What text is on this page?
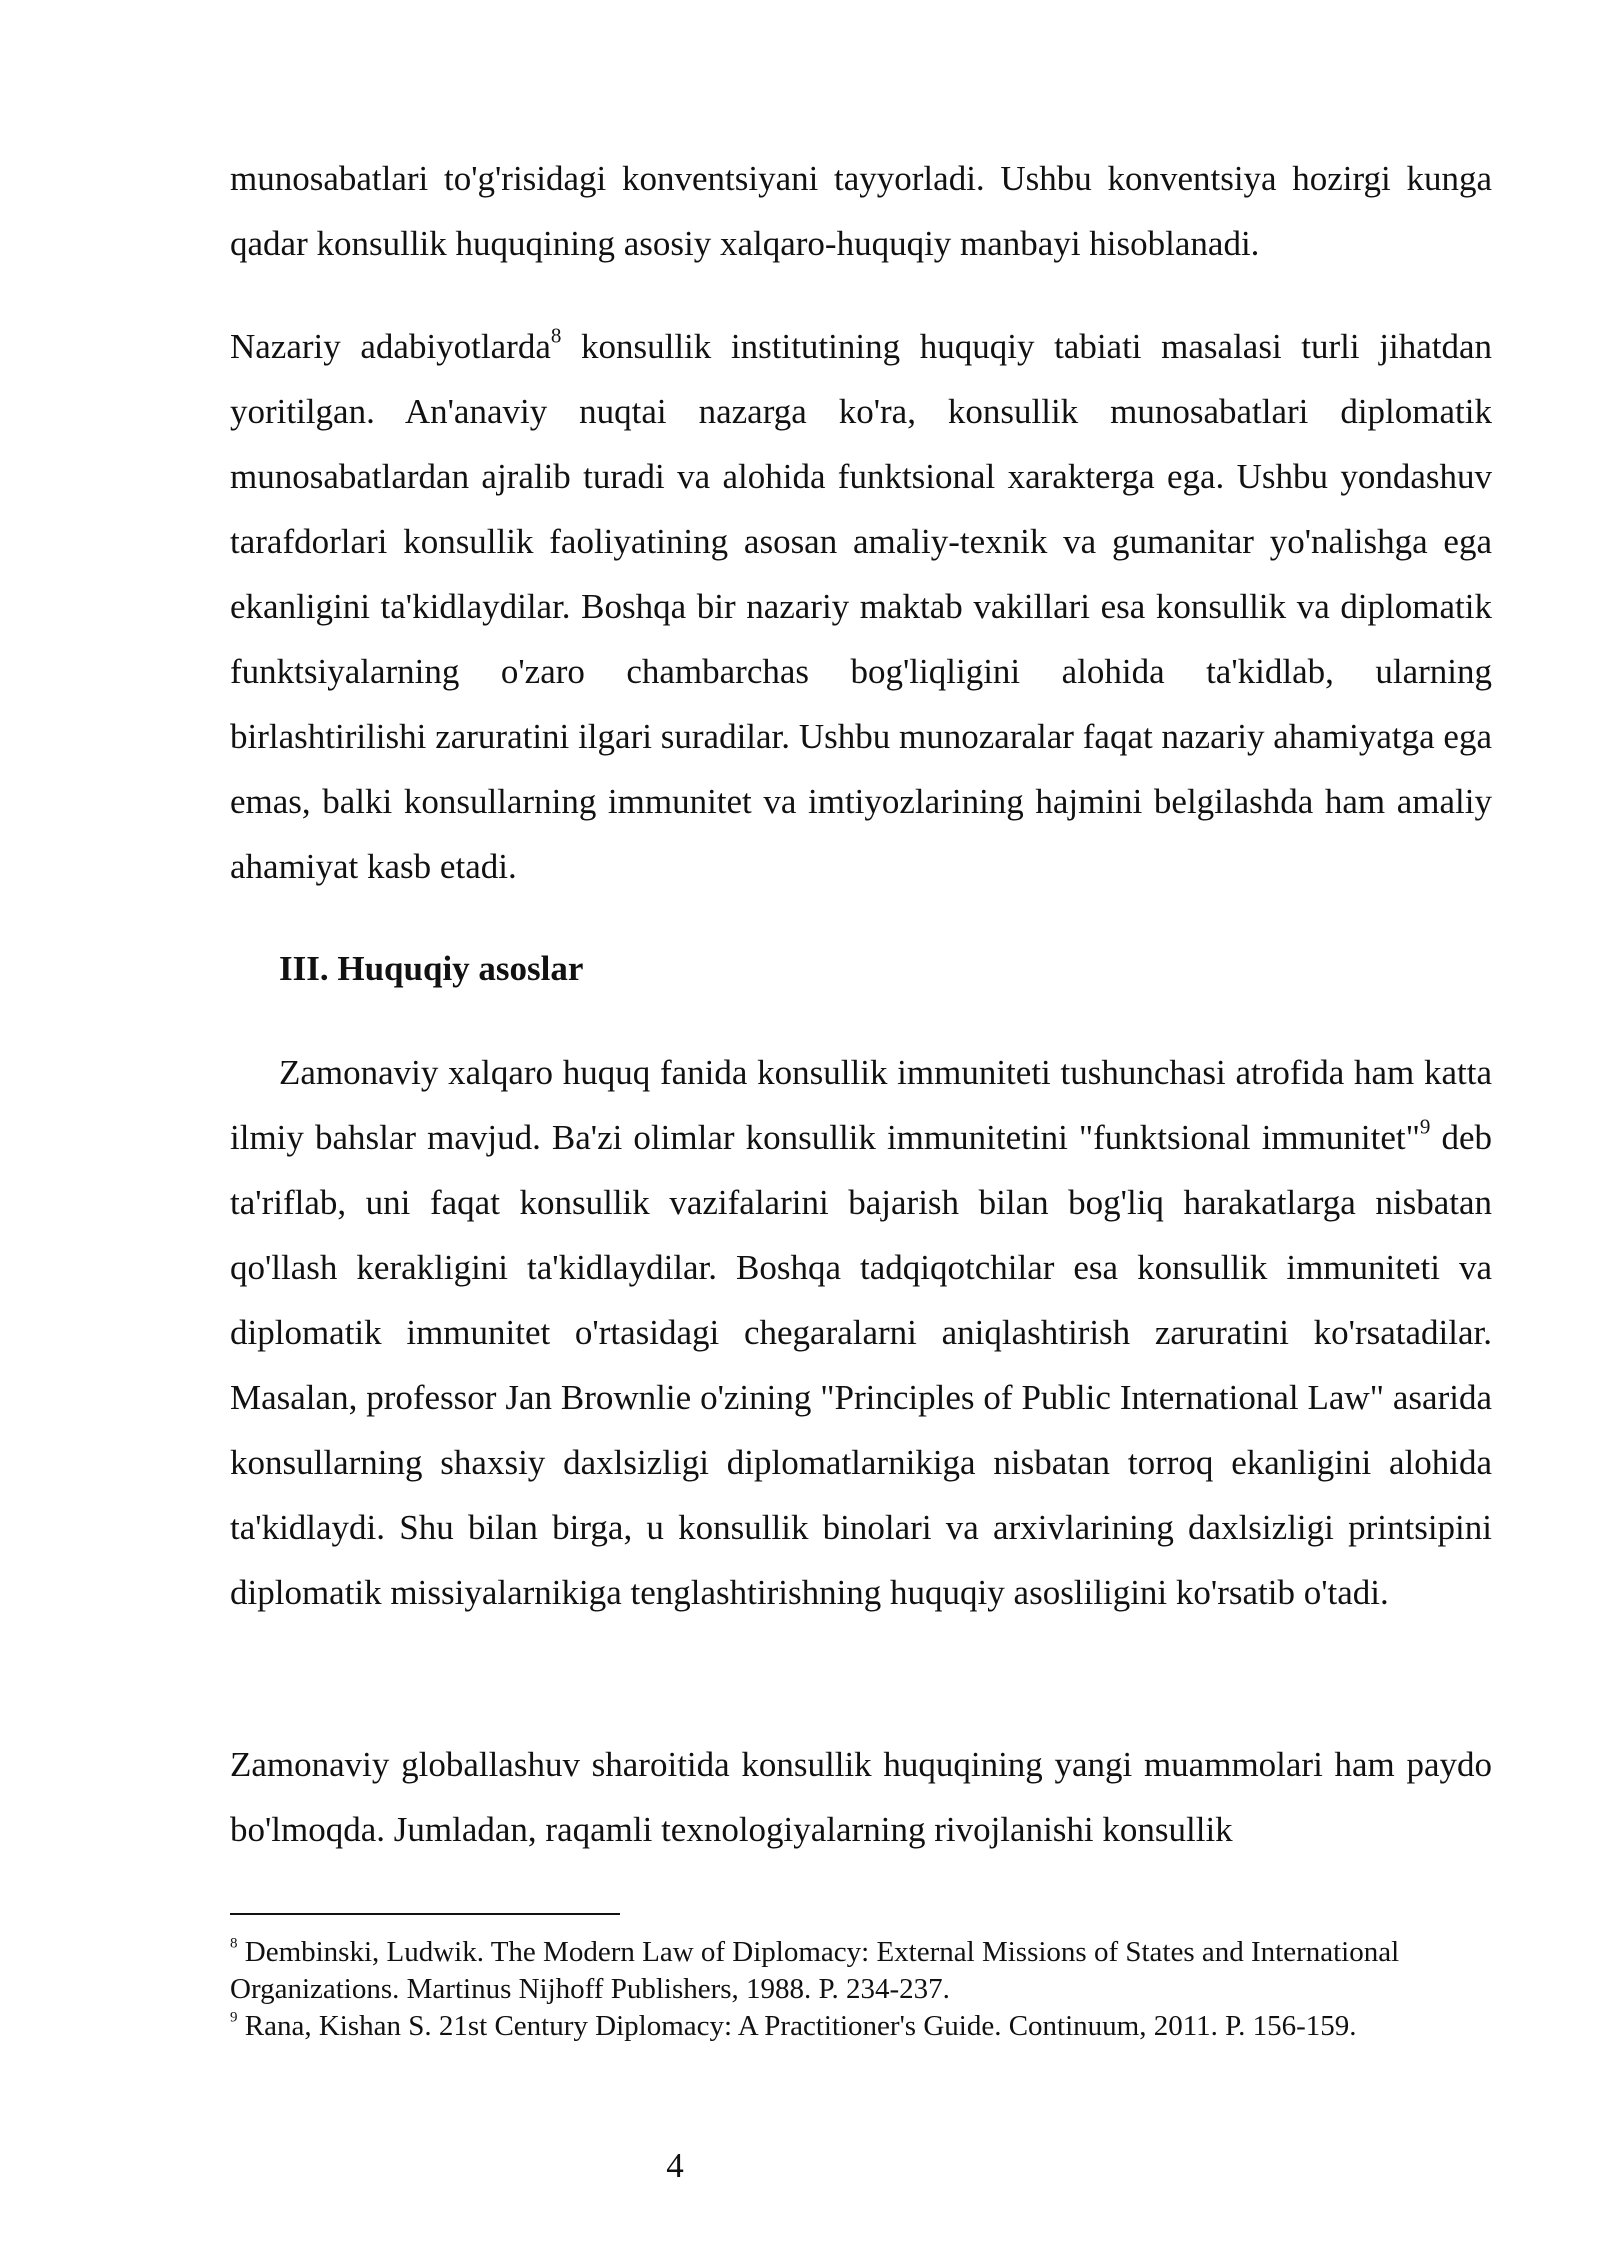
munosabatlari to'g'risidagi konventsiyani tayyorladi. Ushbu konventsiya hozirgi kunga qadar konsullik huquqining asosiy xalqaro-huquqiy manbayi hisoblanadi.

Nazariy adabiyotlarda$^8$ konsullik institutining huquqiy tabiati masalasi turli jihatdan yoritilgan. An'anaviy nuqtai nazarga ko'ra, konsullik munosabatlari diplomatik munosabatlardan ajralib turadi va alohida funktsional xarakterga ega. Ushbu yondashuv tarafdorlari konsullik faoliyatining asosan amaliy-texnik va gumanitar yo'nalishga ega ekanligini ta'kidlaydilar. Boshqa bir nazariy maktab vakillari esa konsullik va diplomatik funktsiyalarning o'zaro chambarchas bog'liqligini alohida ta'kidlab, ularning birlashtirilishi zaruratini ilgari suradilar. Ushbu munozaralar faqat nazariy ahamiyatga ega emas, balki konsullarning immunitet va imtiyozlarining hajmini belgilashda ham amaliy ahamiyat kasb etadi.

III. Huquqiy asoslar

Zamonaviy xalqaro huquq fanida konsullik immuniteti tushunchasi atrofida ham katta ilmiy bahslar mavjud. Ba'zi olimlar konsullik immunitetini "funktsional immunitet"$^9$ deb ta'riflab, uni faqat konsullik vazifalarini bajarish bilan bog'liq harakatlarga nisbatan qo'llash kerakligini ta'kidlaydilar. Boshqa tadqiqotchilar esa konsullik immuniteti va diplomatik immunitet o'rtasidagi chegaralarni aniqlashtirish zaruratini ko'rsatadilar. Masalan, professor Jan Brownlie o'zining "Principles of Public International Law" asarida konsullarning shaxsiy daxlsizligi diplomatlarnikiga nisbatan torroq ekanligini alohida ta'kidlaydi. Shu bilan birga, u konsullik binolari va arxivlarining daxlsizligi printsipini diplomatik missiyalarnikiga tenglashtirishning huquqiy asosliligini ko'rsatib o'tadi.

Zamonaviy globallashuv sharoitida konsullik huquqining yangi muammolari ham paydo bo'lmoqda. Jumladan, raqamli texnologiyalarning rivojlanishi konsullik

$^8$ Dembinski, Ludwik. The Modern Law of Diplomacy: External Missions of States and International Organizations. Martinus Nijhoff Publishers, 1988. P. 234-237.

$^9$ Rana, Kishan S. 21st Century Diplomacy: A Practitioner's Guide. Continuum, 2011. P. 156-159.

4
